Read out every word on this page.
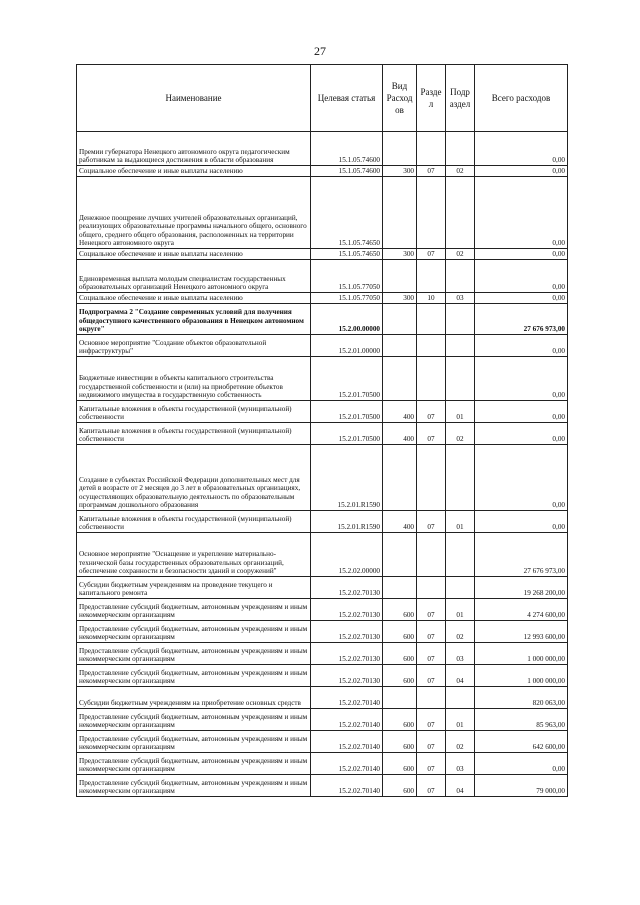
27
Наименование	Целевая статья	Вид Расход ов	Разде л	Подр аздел	Всего расходов
Премии губернатора Ненецкого автономного округа педагогическим работникам за выдающиеся достижения в области образования	15.1.05.74600				0,00
Социальное обеспечение и иные выплаты населению	15.1.05.74600	300	07	02	0,00
Денежное поощрение лучших учителей образовательных организаций, реализующих образовательные программы начального общего, основного общего, среднего общего образования, расположенных на территории Ненецкого автономного округа	15.1.05.74650				0,00
Социальное обеспечение и иные выплаты населению	15.1.05.74650	300	07	02	0,00
Единовременная выплата молодым специалистам государственных образовательных организаций Ненецкого автономного округа	15.1.05.77050				0,00
Социальное обеспечение и иные выплаты населению	15.1.05.77050	300	10	03	0,00
Подпрограмма 2 "Создание современных условий для получения общедоступного качественного образования в Ненецком автономном округе"	15.2.00.00000				27 676 973,00
Основное мероприятие "Создание объектов образовательной инфраструктуры"	15.2.01.00000				0,00
Бюджетные инвестиции в объекты капитального строительства государственной собственности и (или) на приобретение объектов недвижимого имущества в государственную собственность	15.2.01.70500				0,00
Капитальные вложения в объекты государственной (муниципальной) собственности	15.2.01.70500	400	07	01	0,00
Капитальные вложения в объекты государственной (муниципальной) собственности	15.2.01.70500	400	07	02	0,00
Создание в субъектах Российской Федерации дополнительных мест для детей в возрасте от 2 месяцев до 3 лет в образовательных организациях, осуществляющих образовательную деятельность по образовательным программам дошкольного образования	15.2.01.R1590				0,00
Капитальные вложения в объекты государственной (муниципальной) собственности	15.2.01.R1590	400	07	01	0,00
Основное мероприятие "Оснащение и укрепление материально-технической базы государственных образовательных организаций, обеспечение сохранности и безопасности зданий и сооружений"	15.2.02.00000				27 676 973,00
Субсидии бюджетным учреждениям на проведение текущего и капитального ремонта	15.2.02.70130				19 268 200,00
Предоставление субсидий бюджетным, автономным учреждениям и иным некоммерческим организациям	15.2.02.70130	600	07	01	4 274 600,00
Предоставление субсидий бюджетным, автономным учреждениям и иным некоммерческим организациям	15.2.02.70130	600	07	02	12 993 600,00
Предоставление субсидий бюджетным, автономным учреждениям и иным некоммерческим организациям	15.2.02.70130	600	07	03	1 000 000,00
Предоставление субсидий бюджетным, автономным учреждениям и иным некоммерческим организациям	15.2.02.70130	600	07	04	1 000 000,00
Субсидии бюджетным учреждениям на приобретение основных средств	15.2.02.70140				820 063,00
Предоставление субсидий бюджетным, автономным учреждениям и иным некоммерческим организациям	15.2.02.70140	600	07	01	85 963,00
Предоставление субсидий бюджетным, автономным учреждениям и иным некоммерческим организациям	15.2.02.70140	600	07	02	642 600,00
Предоставление субсидий бюджетным, автономным учреждениям и иным некоммерческим организациям	15.2.02.70140	600	07	03	0,00
Предоставление субсидий бюджетным, автономным учреждениям и иным некоммерческим организациям	15.2.02.70140	600	07	04	79 000,00
